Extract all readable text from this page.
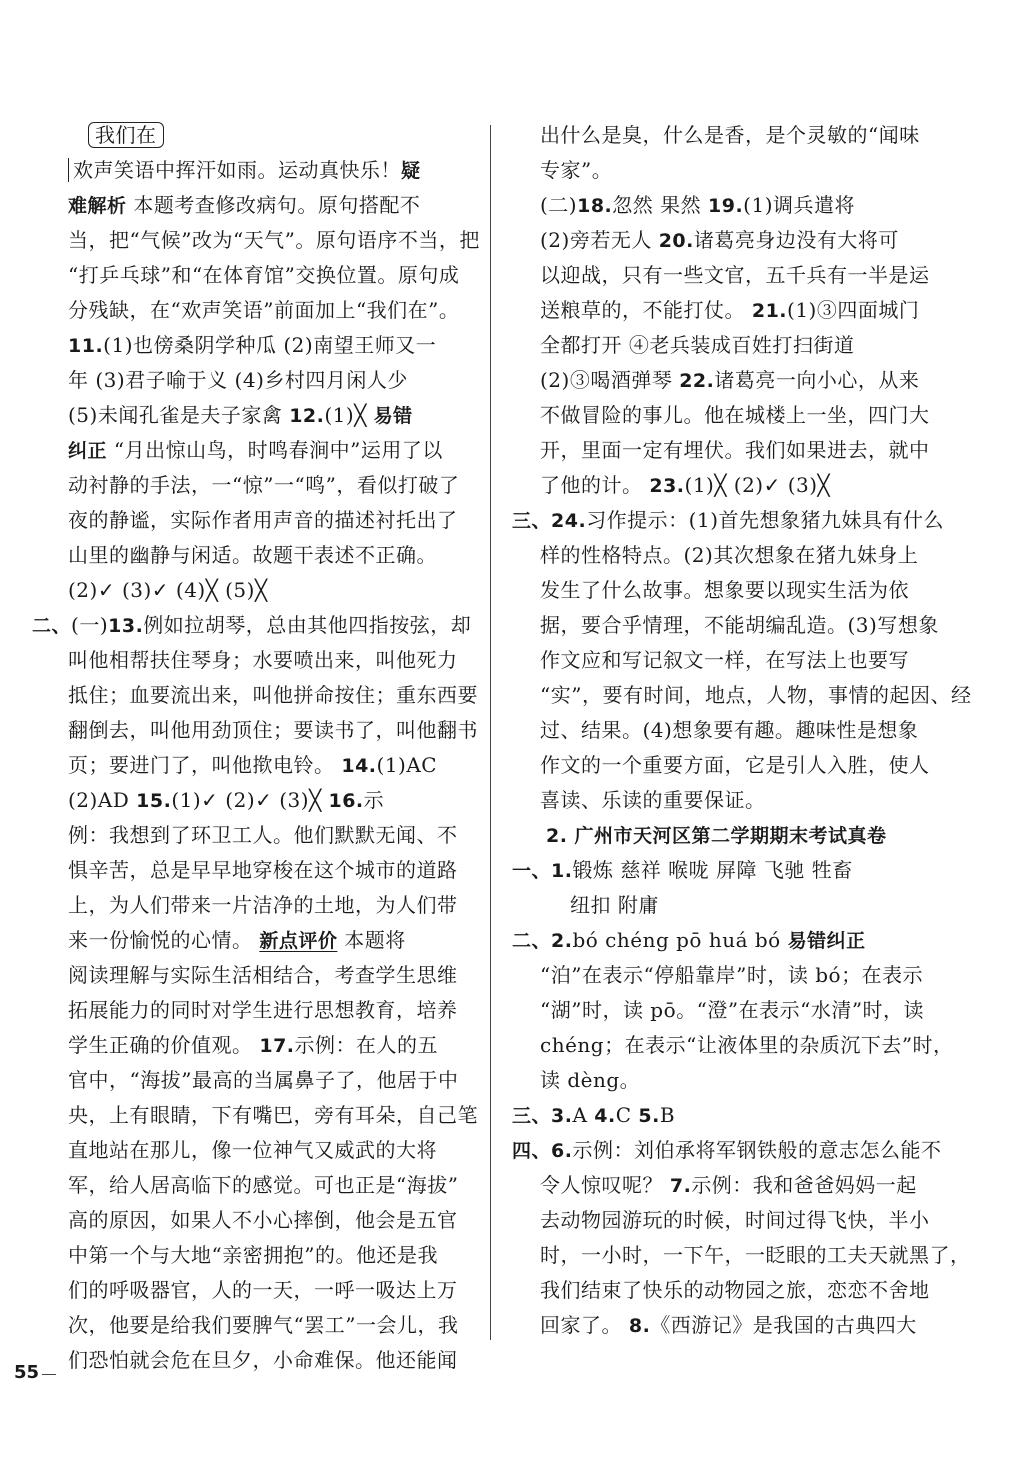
我们在
欢声笑语中挥汗如雨。运动真快乐！疑
难解析 本题考查修改病句。原句搭配不
当，把“气候”改为“天气”。原句语序不当，把
“打乒乓球”和“在体育馆”交换位置。原句成
分残缺，在“欢声笑语”前面加上“我们在”。
11.(1)也傍桑阴学种瓜 (2)南望王师又一
年 (3)君子喻于义 (4)乡村四月闲人少
(5)未闻孔雀是夫子家禽 12.(1)╳ 易错
纠正 “月出惊山鸟，时鸣春涧中”运用了以
动衬静的手法，一“惊”一“鸣”，看似打破了
夜的静谧，实际作者用声音的描述衬托出了
山里的幽静与闲适。故题干表述不正确。
(2)✓ (3)✓ (4)╳ (5)╳
二、(一)13.例如拉胡琴，总由其他四指按弦，却
叫他相帮扶住琴身；水要喷出来，叫他死力
抵住；血要流出来，叫他拼命按住；重东西要
翻倒去，叫他用劲顶住；要读书了，叫他翻书
页；要进门了，叫他揿电铃。 14.(1)AC
(2)AD 15.(1)✓ (2)✓ (3)╳ 16.示
例：我想到了环卫工人。他们默默无闻、不
惧辛苦，总是早早地穿梭在这个城市的道路
上，为人们带来一片洁净的土地，为人们带
来一份愉悦的心情。 新点评价 本题将
阅读理解与实际生活相结合，考查学生思维
拓展能力的同时对学生进行思想教育，培养
学生正确的价值观。 17.示例：在人的五
官中，“海拔”最高的当属鼻子了，他居于中
央，上有眼睛，下有嘴巴，旁有耳朵，自己笔
直地站在那儿，像一位神气又威武的大将
军，给人居高临下的感觉。可也正是“海拔”
高的原因，如果人不小心摔倒，他会是五官
中第一个与大地“亲密拥抱”的。他还是我
们的呼吸器官，人的一天，一呼一吸达上万
次，他要是给我们要脾气“罢工”一会儿，我
们恐怕就会危在旦夕，小命难保。他还能闻
出什么是臭，什么是香，是个灵敏的“闻味
专家”。
(二)18.忽然 果然 19.(1)调兵遣将
(2)旁若无人 20.诸葛亮身边没有大将可
以迎战，只有一些文官，五千兵有一半是运
送粮草的，不能打仗。 21.(1)③四面城门
全都打开 ④老兵装成百姓打扫街道
(2)③喝酒弹琴 22.诸葛亮一向小心，从来
不做冒险的事儿。他在城楼上一坐，四门大
开，里面一定有埋伏。我们如果进去，就中
了他的计。 23.(1)╳ (2)✓ (3)╳
三、24.习作提示：(1)首先想象猪九妹具有什么
样的性格特点。(2)其次想象在猪九妹身上
发生了什么故事。想象要以现实生活为依
据，要合乎情理，不能胡编乱造。(3)写想象
作文应和写记叙文一样，在写法上也要写
“实”，要有时间，地点，人物，事情的起因、经
过、结果。(4)想象要有趣。趣味性是想象
作文的一个重要方面，它是引人入胜，使人
喜读、乐读的重要保证。
2. 广州市天河区第二学期期末考试真卷
一、1.锻炼 慈祥 喉咙 屏障 飞驰 牲畜
纽扣 附庸
二、2.bó chéng pō huá bó 易错纠正
“泊”在表示“停船靠岸”时，读 bó；在表示
“湖”时，读 pō。“澄”在表示“水清”时，读
chéng；在表示“让液体里的杂质沉下去”时，
读 dèng。
三、3.A 4.C 5.B
四、6.示例：刘伯承将军钢铁般的意志怎么能不
令人惊叹呢？ 7.示例：我和爸爸妈妈一起
去动物园游玩的时候，时间过得飞快，半小
时，一小时，一下午，一眨眼的工夫天就黑了，
我们结束了快乐的动物园之旅，恋恋不舍地
回家了。 8.《西游记》是我国的古典四大
55
